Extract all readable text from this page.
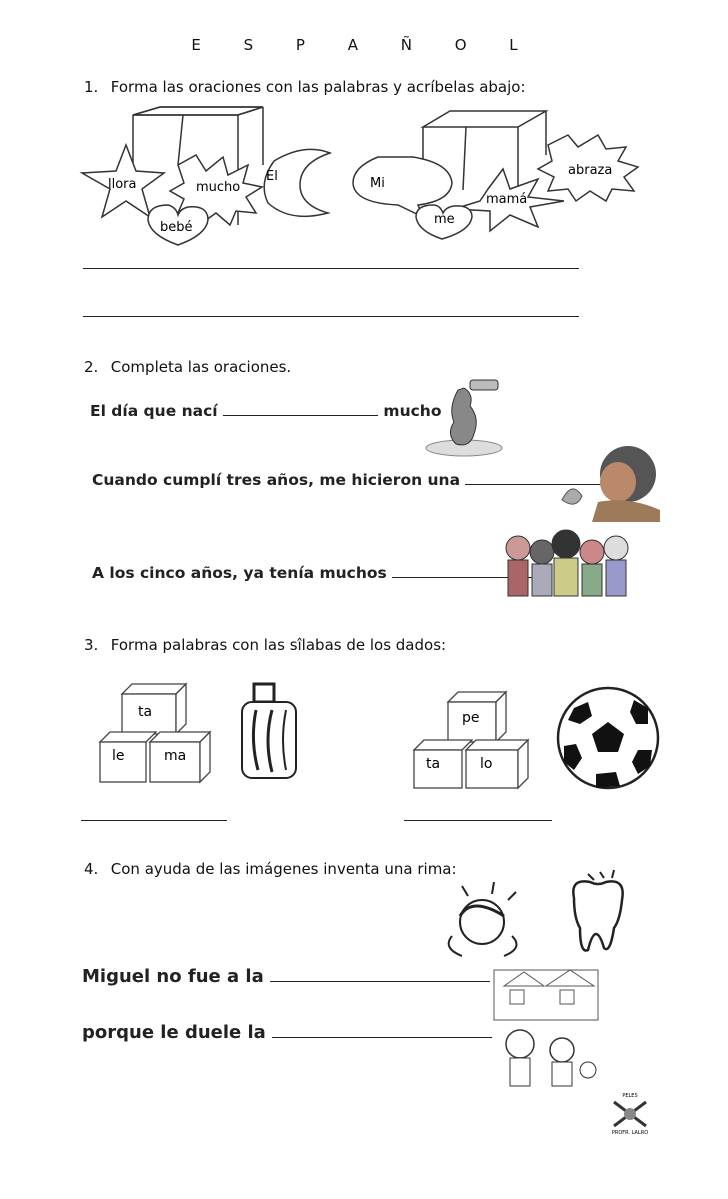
E S P A Ñ O L
1. Forma las oraciones con las palabras y acríbelas abajo:
llora	mucho
El
bebé
Mi
abraza
mamá
me
2. Completa las oraciones.
El día que nací	mucho
Cuando cumplí tres años, me hicieron una
A los cinco años, ya tenía muchos
3. Forma palabras con las sîlabas de los dados:
ta
le	ma
pe
ta	lo
4. Con ayuda de las imágenes inventa una rima:
Miguel no fue a la
porque le duele la
PELES
PROFR. LALRO
